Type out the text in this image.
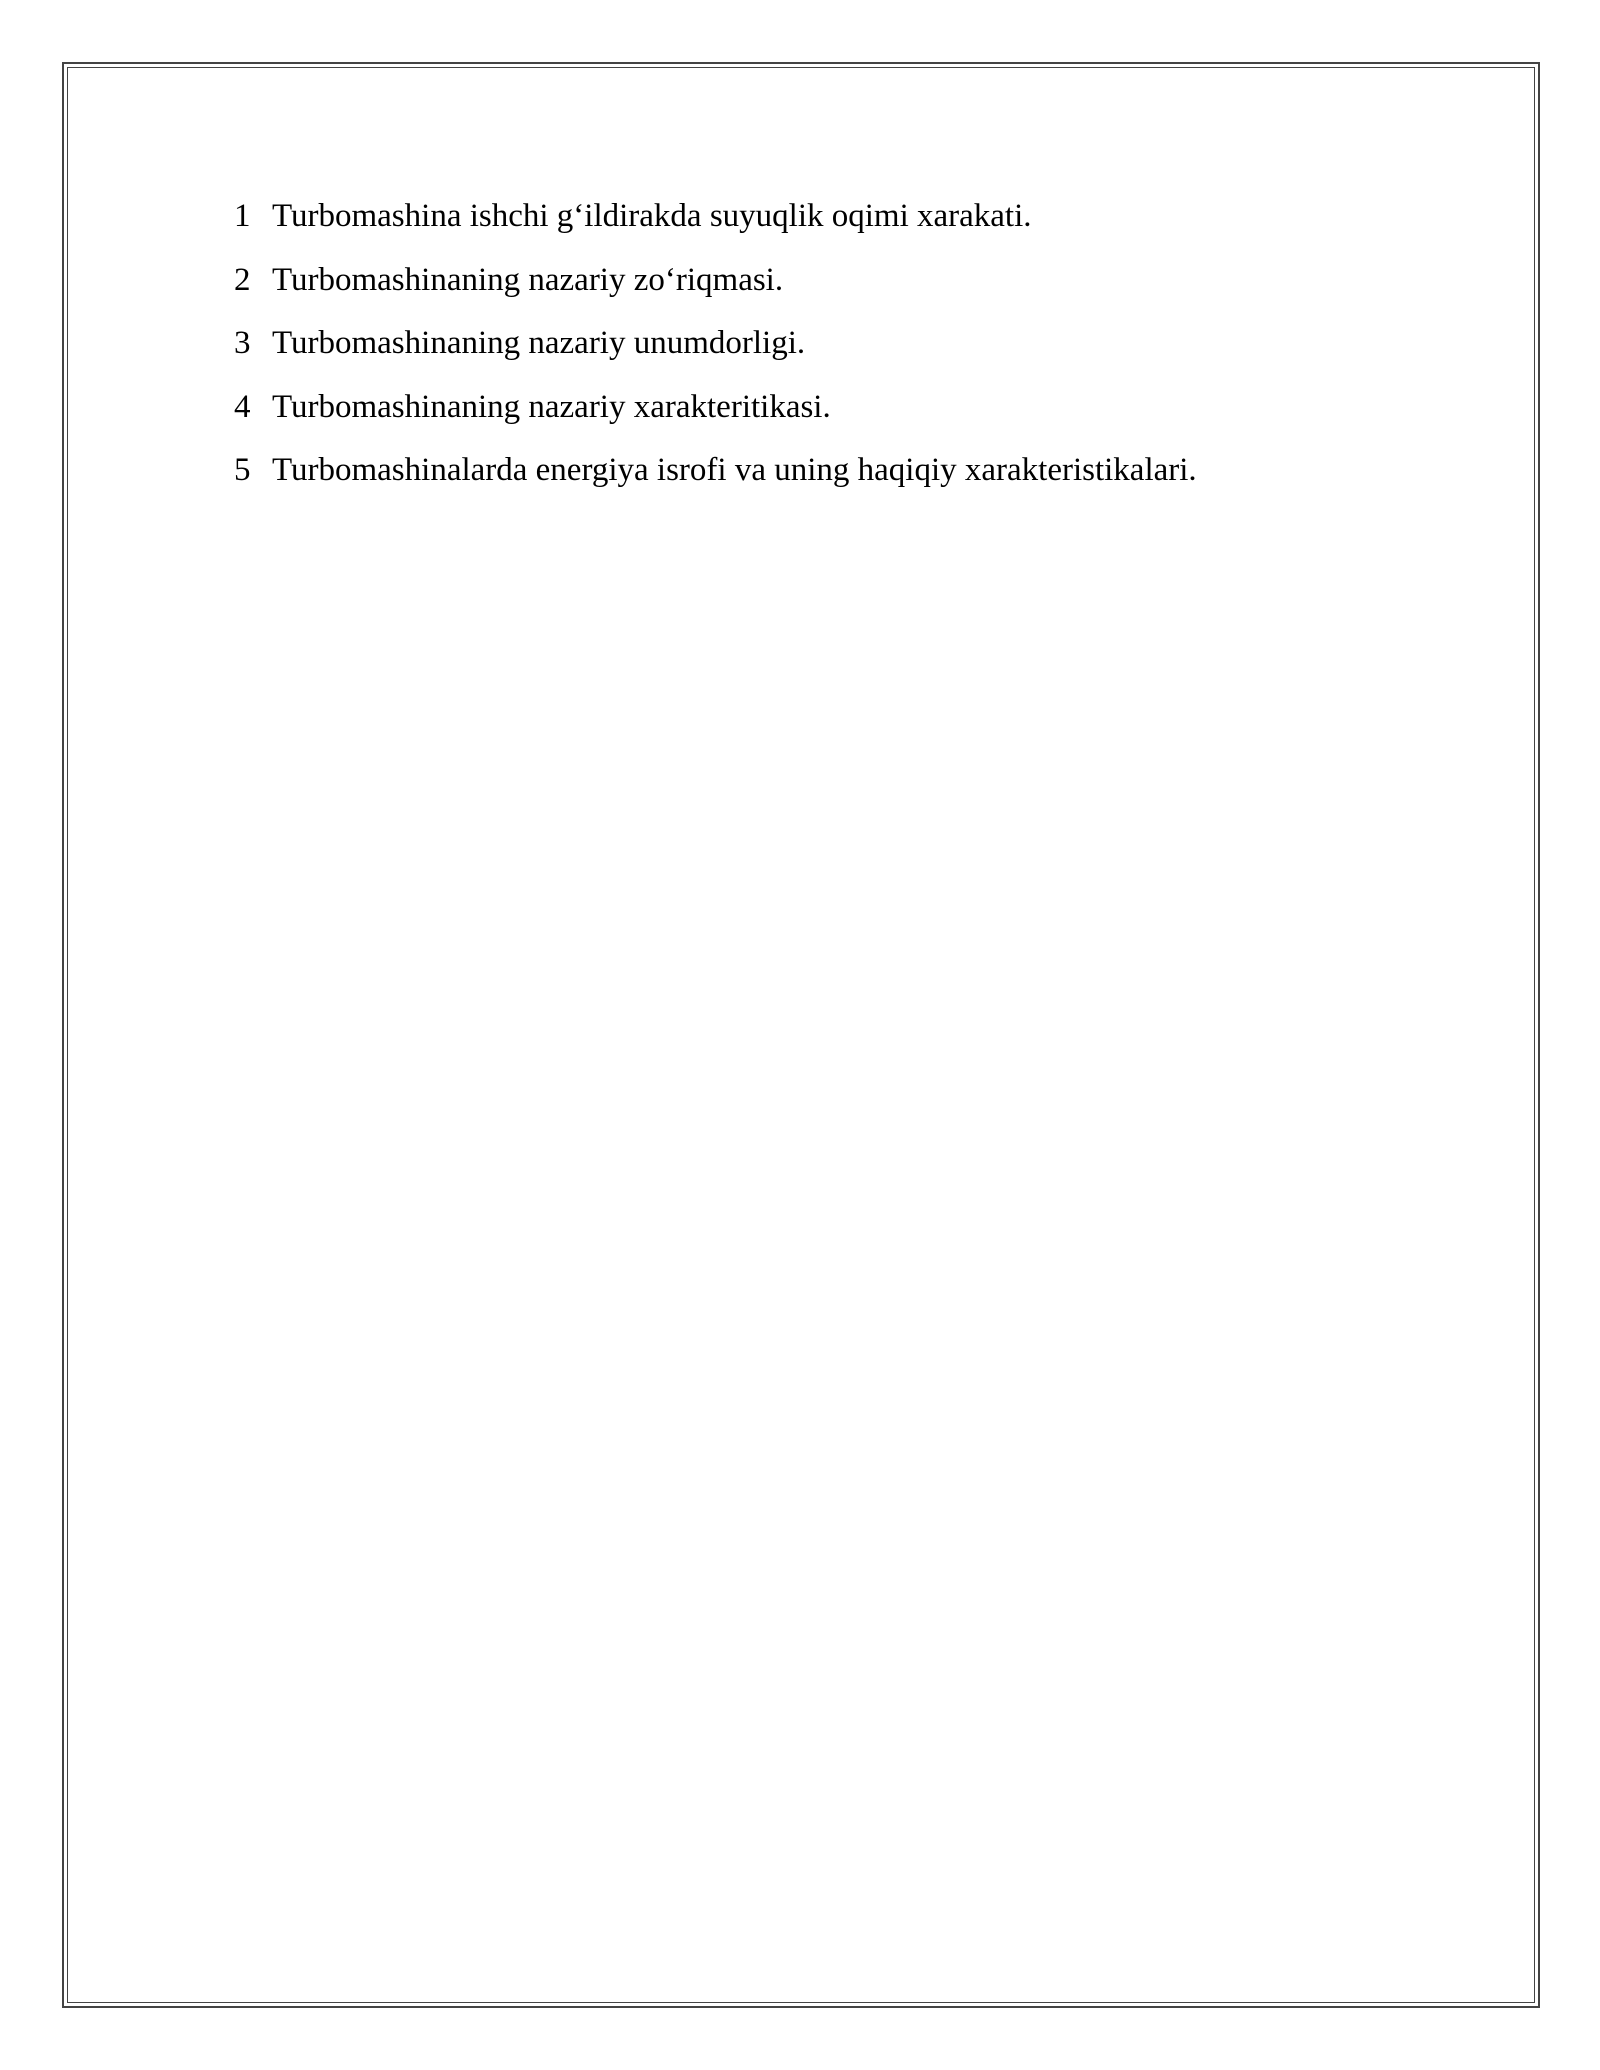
1 Turbomashina ishchi g‘ildirakda suyuqlik oqimi xarakati.
2 Turbomashinaning nazariy zo‘riqmasi.
3 Turbomashinaning nazariy unumdorligi.
4 Turbomashinaning nazariy xarakteritikasi.
5 Turbomashinalarda energiya isrofi va uning haqiqiy xarakteristikalari.
